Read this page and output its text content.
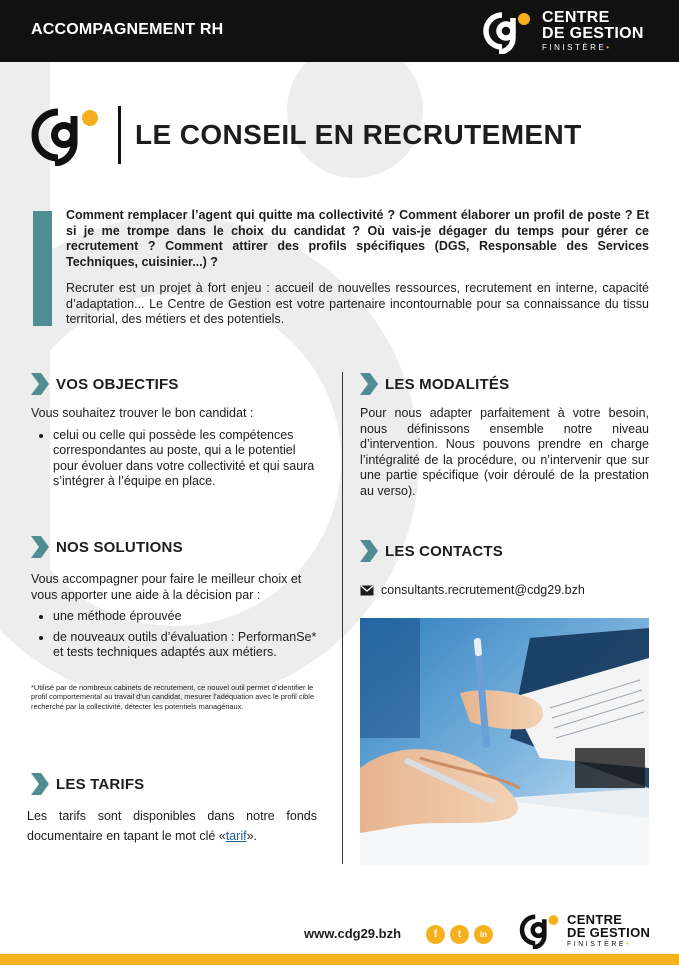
ACCOMPAGNEMENT RH
CENTRE
DE GESTION
FINISTÈRE•
LE CONSEIL EN RECRUTEMENT

Comment remplacer l’agent qui quitte ma collectivité ? Comment élaborer un profil de poste ? Et si je me trompe dans le choix du candidat ? Où vais-je dégager du temps pour gérer ce recrutement ? Comment attirer des profils spécifiques (DGS, Responsable des Services Techniques, cuisinier...) ?

Recruter est un projet à fort enjeu : accueil de nouvelles ressources, recrutement en interne, capacité d’adaptation... Le Centre de Gestion est votre partenaire incontournable pour sa connaissance du tissu territorial, des métiers et des potentiels.

VOS OBJECTIFS

Vous souhaitez trouver le bon candidat :

• celui ou celle qui possède les compétences correspondantes au poste, qui a le potentiel pour évoluer dans votre collectivité et qui saura s’intégrer à l’équipe en place.
NOS SOLUTIONS

Vous accompagner pour faire le meilleur choix et vous apporter une aide à la décision par :

• une méthode éprouvée
• de nouveaux outils d’évaluation : PerformanSe* et tests techniques adaptés aux métiers.
*Utilisé par de nombreux cabinets de recrutement, ce nouvel outil permet d’identifier le profil comportemental au travail d’un candidat, mesurer l’adéquation avec le profil cible recherché par la collectivité, détecter les potentiels managériaux.
LES TARIFS
Les tarifs sont disponibles dans notre fonds documentaire en tapant le mot clé «tarif».
LES MODALITÉS

Pour nous adapter parfaitement à votre besoin, nous définissons ensemble notre niveau d’intervention. Nous pouvons prendre en charge l’intégralité de la procédure, ou n’intervenir que sur une partie spécifique (voir déroulé de la prestation au verso).

LES CONTACTS
consultants.recrutement@cdg29.bzh
www.cdg29.bzh	f	t	in
CENTRE
DE GESTION
FINISTÈRE•
